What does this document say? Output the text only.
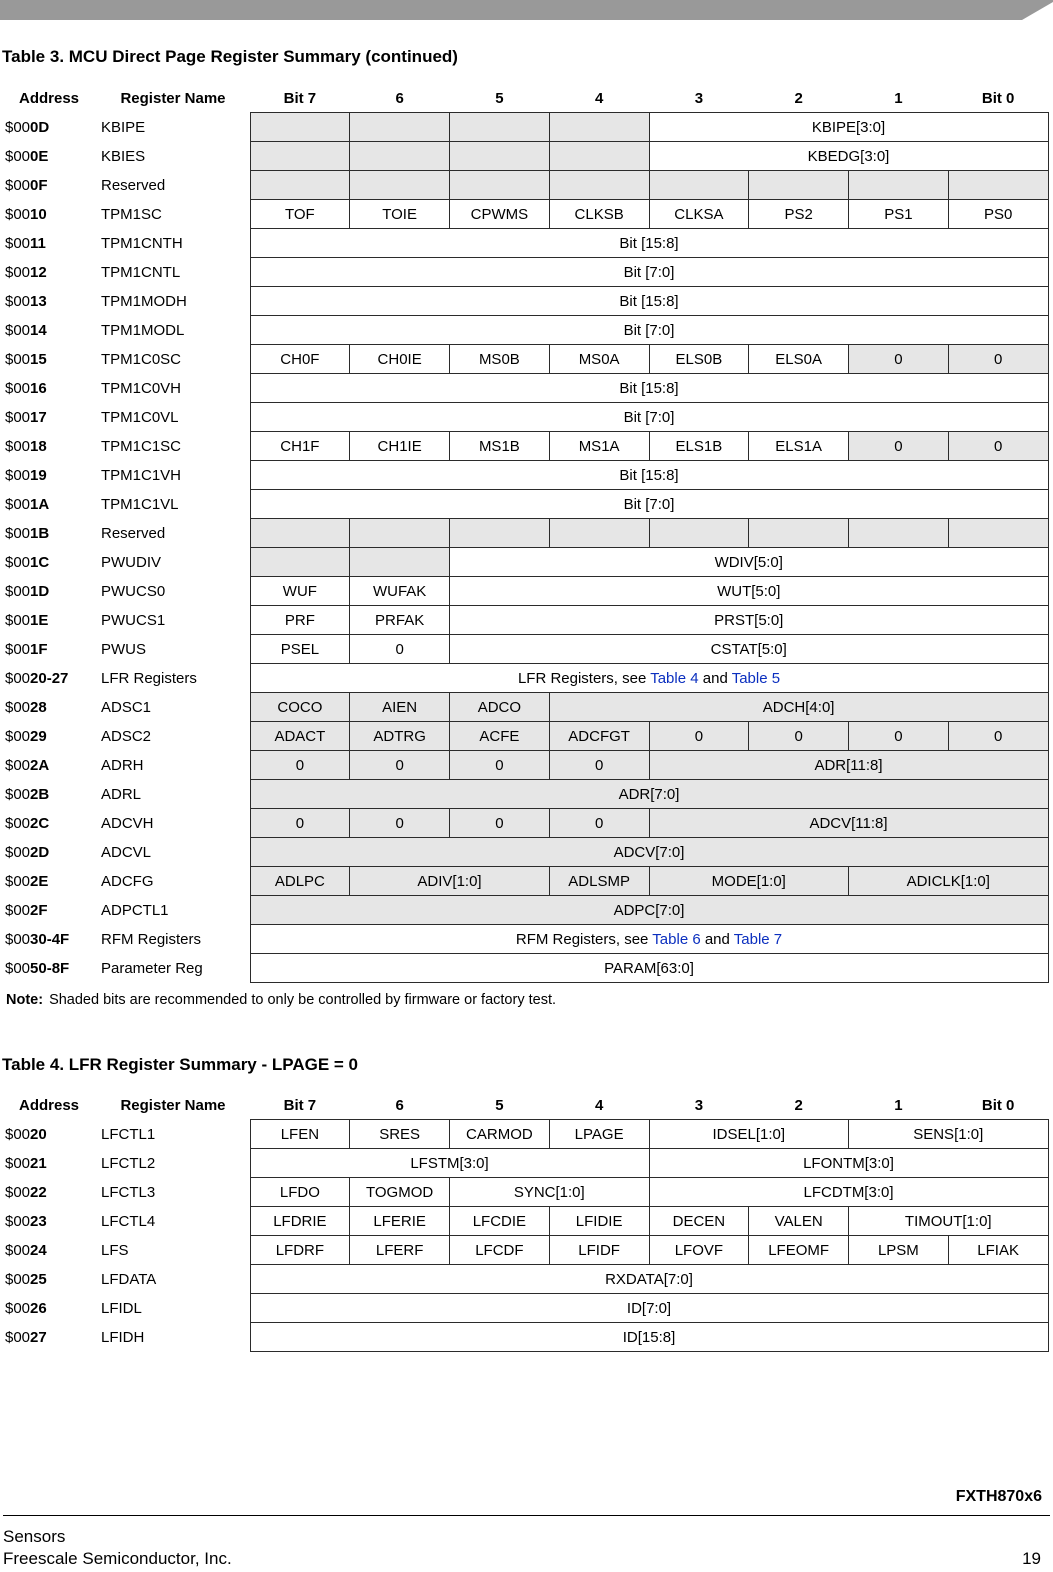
Table 3. MCU Direct Page Register Summary (continued)
Address	Register Name	Bit 7	6	5	4	3	2	1	Bit 0
$000D	KBIPE					KBIPE[3:0]			
$000E	KBIES					KBEDG[3:0]			
$000F	Reserved								
$0010	TPM1SC	TOF	TOIE	CPWMS	CLKSB	CLKSA	PS2	PS1	PS0
$0011	TPM1CNTH	Bit [15:8]							
$0012	TPM1CNTL	Bit [7:0]							
$0013	TPM1MODH	Bit [15:8]							
$0014	TPM1MODL	Bit [7:0]							
$0015	TPM1C0SC	CH0F	CH0IE	MS0B	MS0A	ELS0B	ELS0A	0	0
$0016	TPM1C0VH	Bit [15:8]							
$0017	TPM1C0VL	Bit [7:0]							
$0018	TPM1C1SC	CH1F	CH1IE	MS1B	MS1A	ELS1B	ELS1A	0	0
$0019	TPM1C1VH	Bit [15:8]							
$001A	TPM1C1VL	Bit [7:0]							
$001B	Reserved								
$001C	PWUDIV			WDIV[5:0]					
$001D	PWUCS0	WUF	WUFAK	WUT[5:0]					
$001E	PWUCS1	PRF	PRFAK	PRST[5:0]					
$001F	PWUS	PSEL	0	CSTAT[5:0]					
$0020-27	LFR Registers	LFR Registers, see Table 4 and Table 5							
$0028	ADSC1	COCO	AIEN	ADCO	ADCH[4:0]				
$0029	ADSC2	ADACT	ADTRG	ACFE	ADCFGT	0	0	0	0
$002A	ADRH	0	0	0	0	ADR[11:8]			
$002B	ADRL	ADR[7:0]							
$002C	ADCVH	0	0	0	0	ADCV[11:8]			
$002D	ADCVL	ADCV[7:0]							
$002E	ADCFG	ADLPC	ADIV[1:0]		ADLSMP	MODE[1:0]		ADICLK[1:0]	
$002F	ADPCTL1	ADPC[7:0]							
$0030-4F	RFM Registers	RFM Registers, see Table 6 and Table 7							
$0050-8F	Parameter Reg	PARAM[63:0]							
Note: Shaded bits are recommended to only be controlled by firmware or factory test.
Table 4. LFR Register Summary - LPAGE = 0
Address	Register Name	Bit 7	6	5	4	3	2	1	Bit 0
$0020	LFCTL1	LFEN	SRES	CARMOD	LPAGE	IDSEL[1:0]		SENS[1:0]	
$0021	LFCTL2	LFSTM[3:0]				LFONTM[3:0]			
$0022	LFCTL3	LFDO	TOGMOD	SYNC[1:0]		LFCDTM[3:0]			
$0023	LFCTL4	LFDRIE	LFERIE	LFCDIE	LFIDIE	DECEN	VALEN	TIMOUT[1:0]	
$0024	LFS	LFDRF	LFERF	LFCDF	LFIDF	LFOVF	LFEOMF	LPSM	LFIAK
$0025	LFDATA	RXDATA[7:0]							
$0026	LFIDL	ID[7:0]							
$0027	LFIDH	ID[15:8]							
FXTH870x6
Sensors
Freescale Semiconductor, Inc.	19
